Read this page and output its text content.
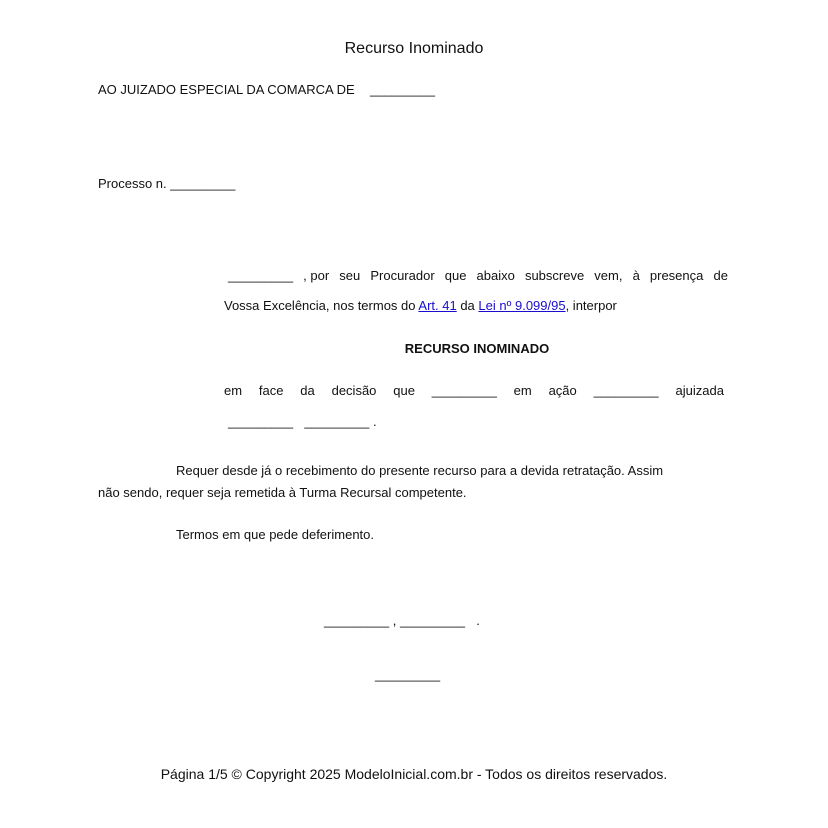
Recurso Inominado
AO JUIZADO ESPECIAL DA COMARCA DE _________
Processo n. _________
_________ , por seu Procurador que abaixo subscreve vem, à presença de
Vossa Excelência, nos termos do Art. 41 da Lei nº 9.099/95, interpor
RECURSO INOMINADO
em face da decisão que _________ em ação _________ ajuizada
_________ _________ .
Requer desde já o recebimento do presente recurso para a devida retratação. Assim
não sendo, requer seja remetida à Turma Recursal competente.
Termos em que pede deferimento.
_________ , _________ .
_________
Página 1/5 © Copyright 2025 ModeloInicial.com.br - Todos os direitos reservados.
